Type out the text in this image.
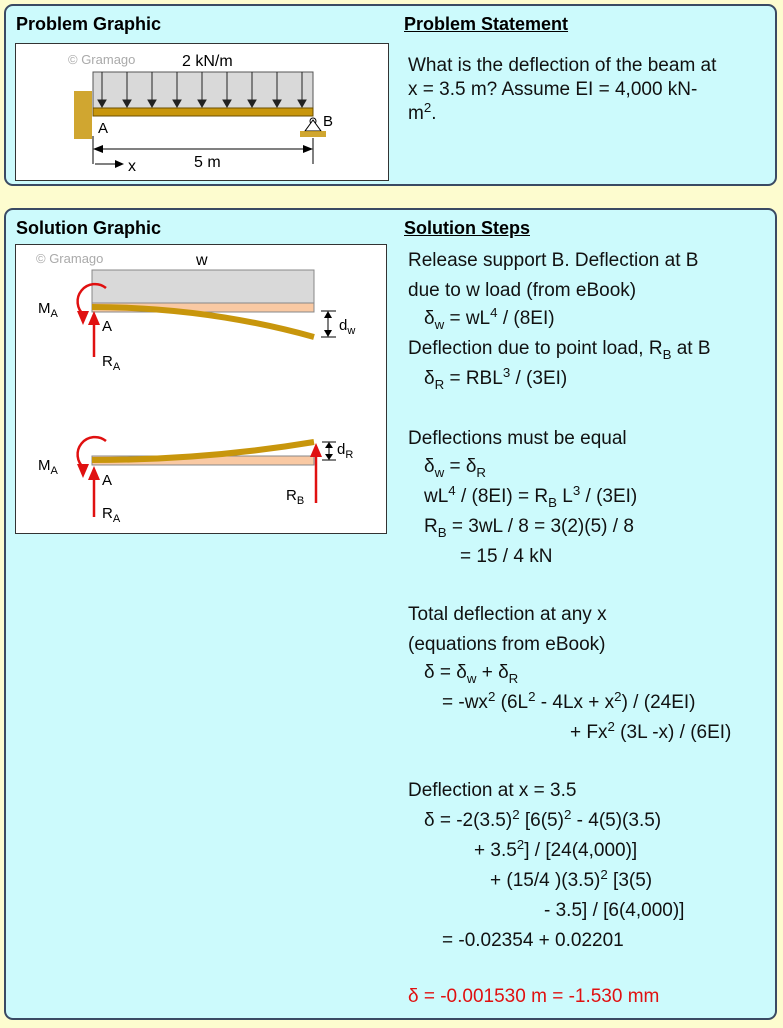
Problem Graphic	Problem Statement
© Gramago	2 kN/m
A	B
5 m
x
What is the deflection of the beam at
x = 3.5 m? Assume EI = 4,000 kN-
$m^2$.
Solution Graphic	Solution Steps
© Gramago	w
$M_A$
A
$R_A$
$d_w$
$M_A$
A
$R_A$
$R_B$
$d_R$
Release support B. Deflection at B
due to w load (from eBook)
$\delta_w = wL^4 / (8EI)$
Deflection due to point load, $R_B$ at B
$\delta_R = RBL^3 / (3EI)$
Deflections must be equal
$\delta_w = \delta_R$
$wL^4 / (8EI) = R_B$ $L^3 / (3EI)$
$R_B = 3wL / 8 = 3(2)(5) / 8$
= 15 / 4 kN
Total deflection at any x
(equations from eBook)
$\delta = \delta_w + \delta_R$
= $-wx^2$ $(6L^2 - 4Lx + x^2) / (24EI)$
+ $Fx^2$ (3L -x) / (6EI)
Deflection at x = 3.5
$\delta = -2(3.5)^2$ [$6(5)^2 - 4(5)(3.5)$
+ $3.5^2] / [24(4,000)]$
+ (15/4 )$(3.5)^2$ [3(5)
- 3.5] / [6(4,000)]
= -0.02354 + 0.02201
δ = -0.001530 m = -1.530 mm
